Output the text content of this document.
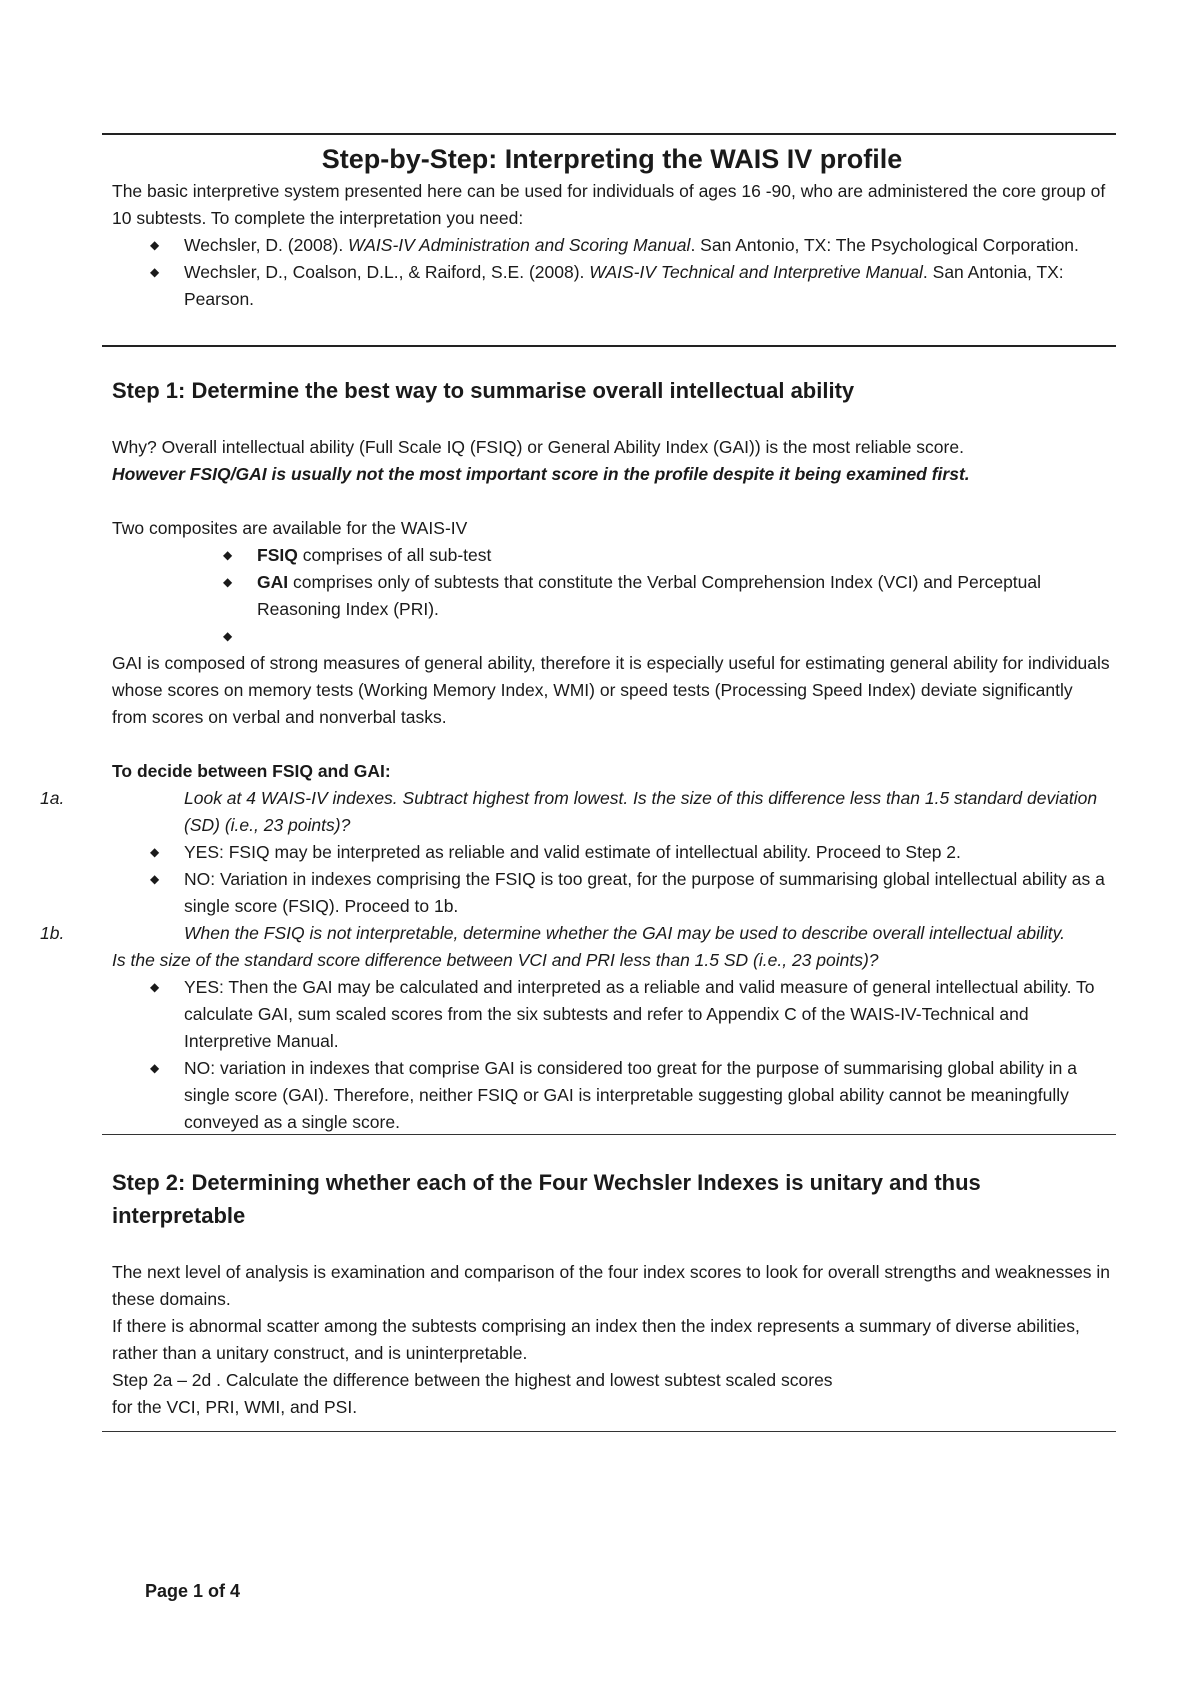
Step-by-Step: Interpreting the WAIS IV profile

The basic interpretive system presented here can be used for individuals of ages 16 -90, who are administered the core group of 10 subtests. To complete the interpretation you need:

◆ Wechsler, D. (2008). WAIS-IV Administration and Scoring Manual. San Antonio, TX: The Psychological Corporation.
◆ Wechsler, D., Coalson, D.L., & Raiford, S.E. (2008). WAIS-IV Technical and Interpretive Manual. San Antonia, TX: Pearson.
Step 1: Determine the best way to summarise overall intellectual ability

Why? Overall intellectual ability (Full Scale IQ (FSIQ) or General Ability Index (GAI)) is the most reliable score.

However FSIQ/GAI is usually not the most important score in the profile despite it being examined first.

Two composites are available for the WAIS-IV

◆ FSIQ comprises of all sub-test
◆ GAI comprises only of subtests that constitute the Verbal Comprehension Index (VCI) and Perceptual Reasoning Index (PRI).
◆

GAI is composed of strong measures of general ability, therefore it is especially useful for estimating general ability for individuals whose scores on memory tests (Working Memory Index, WMI) or speed tests (Processing Speed Index) deviate significantly from scores on verbal and nonverbal tasks.

To decide between FSIQ and GAI:

1a.	Look at 4 WAIS-IV indexes. Subtract highest from lowest. Is the size of this difference less than 1.5 standard deviation (SD) (i.e., 23 points)?

◆ YES: FSIQ may be interpreted as reliable and valid estimate of intellectual ability. Proceed to Step 2.
◆ NO: Variation in indexes comprising the FSIQ is too great, for the purpose of summarising global intellectual ability as a single score (FSIQ). Proceed to 1b.

1b.	When the FSIQ is not interpretable, determine whether the GAI may be used to describe overall intellectual ability.

Is the size of the standard score difference between VCI and PRI less than 1.5 SD (i.e., 23 points)?

◆ YES: Then the GAI may be calculated and interpreted as a reliable and valid measure of general intellectual ability. To calculate GAI, sum scaled scores from the six subtests and refer to Appendix C of the WAIS-IV-Technical and Interpretive Manual.
◆ NO: variation in indexes that comprise GAI is considered too great for the purpose of summarising global ability in a single score (GAI). Therefore, neither FSIQ or GAI is interpretable suggesting global ability cannot be meaningfully conveyed as a single score.
Step 2: Determining whether each of the Four Wechsler Indexes is unitary and thus interpretable

The next level of analysis is examination and comparison of the four index scores to look for overall strengths and weaknesses in these domains.

If there is abnormal scatter among the subtests comprising an index then the index represents a summary of diverse abilities, rather than a unitary construct, and is uninterpretable.

Step 2a – 2d . Calculate the difference between the highest and lowest subtest scaled scores

for the VCI, PRI, WMI, and PSI.

Page 1 of 4
